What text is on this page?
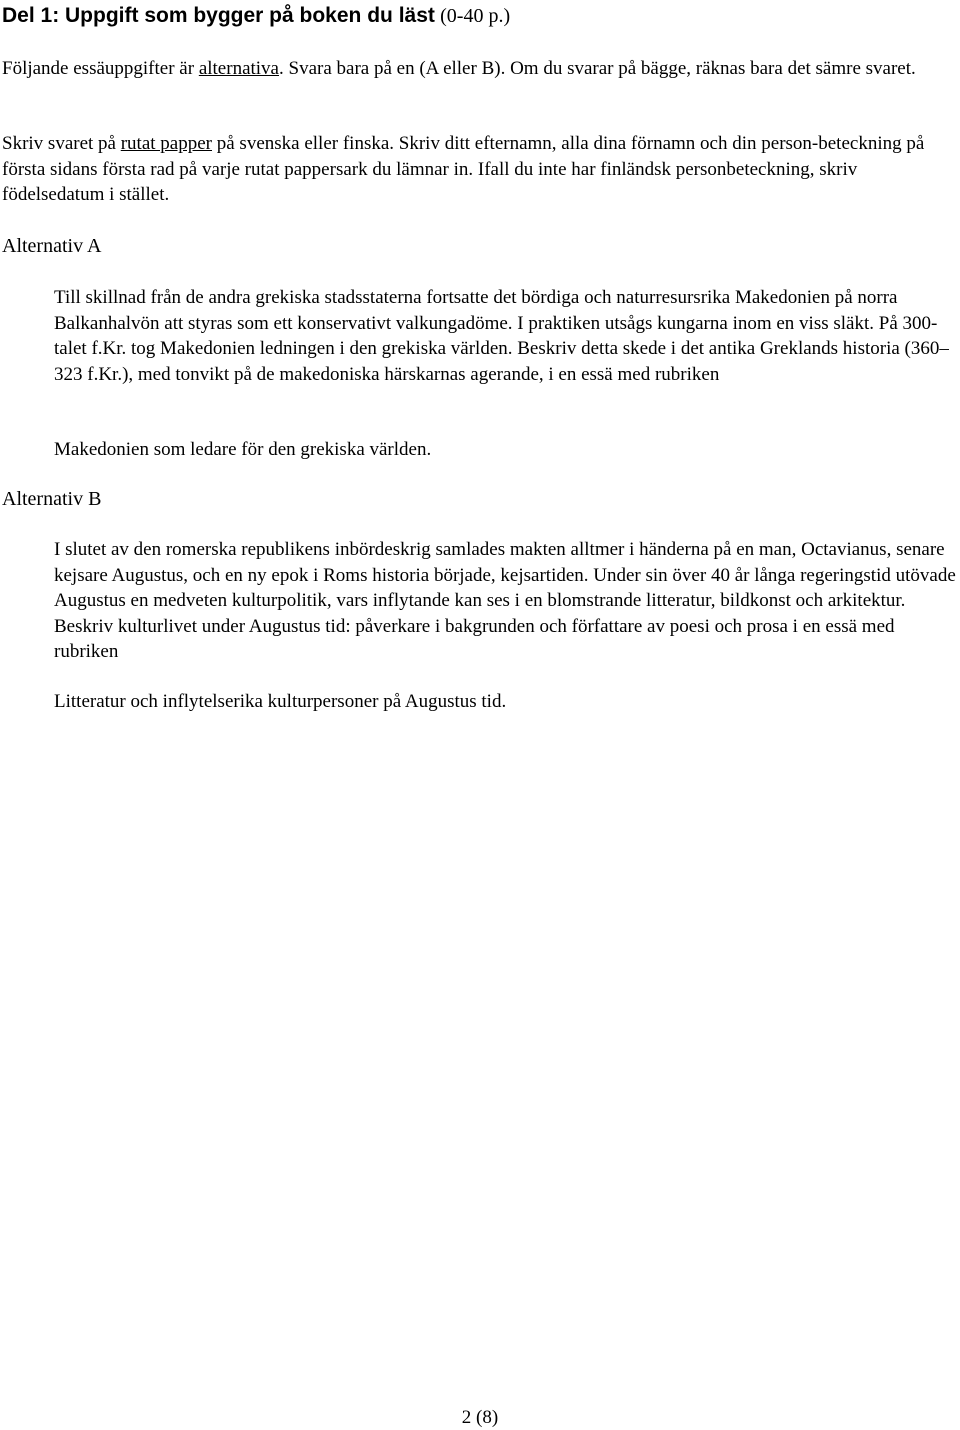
Del 1: Uppgift som bygger på boken du läst (0-40 p.)
Följande essäuppgifter är alternativa. Svara bara på en (A eller B). Om du svarar på bägge, räknas bara det sämre svaret.
Skriv svaret på rutat papper på svenska eller finska. Skriv ditt efternamn, alla dina förnamn och din person-beteckning på första sidans första rad på varje rutat pappersark du lämnar in. Ifall du inte har finländsk personbeteckning, skriv födelsedatum i stället.
Alternativ A
Till skillnad från de andra grekiska stadsstaterna fortsatte det bördiga och naturresursrika Makedonien på norra Balkanhalvön att styras som ett konservativt valkungadöme. I praktiken utsågs kungarna inom en viss släkt. På 300-talet f.Kr. tog Makedonien ledningen i den grekiska världen. Beskriv detta skede i det antika Greklands historia (360–323 f.Kr.), med tonvikt på de makedoniska härskarnas agerande, i en essä med rubriken
Makedonien som ledare för den grekiska världen.
Alternativ B
I slutet av den romerska republikens inbördeskrig samlades makten alltmer i händerna på en man, Octavianus, senare kejsare Augustus, och en ny epok i Roms historia började, kejsartiden. Under sin över 40 år långa regeringstid utövade Augustus en medveten kulturpolitik, vars inflytande kan ses i en blomstrande litteratur, bildkonst och arkitektur. Beskriv kulturlivet under Augustus tid: påverkare i bakgrunden och författare av poesi och prosa i en essä med rubriken
Litteratur och inflytelserika kulturpersoner på Augustus tid.
2 (8)
